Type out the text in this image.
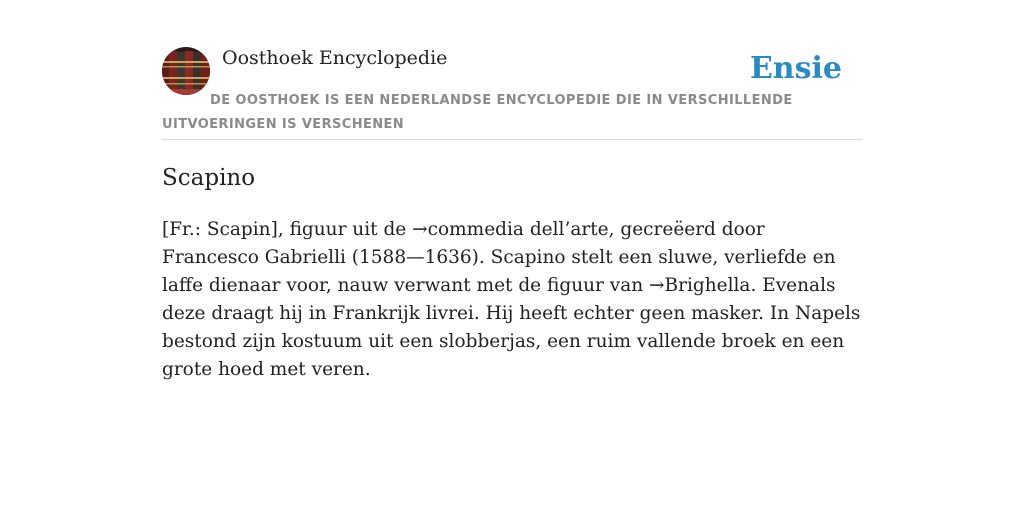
Oosthoek Encyclopedie	Ensie
DE OOSTHOEK IS EEN NEDERLANDSE ENCYCLOPEDIE DIE IN VERSCHILLENDE UITVOERINGEN IS VERSCHENEN
Scapino

[Fr.: Scapin], figuur uit de →commedia dell’arte, gecreëerd door Francesco Gabrielli (1588—1636). Scapino stelt een sluwe, verliefde en laffe dienaar voor, nauw verwant met de figuur van →Brighella. Evenals deze draagt hij in Frankrijk livrei. Hij heeft echter geen masker. In Napels bestond zijn kostuum uit een slobberjas, een ruim vallende broek en een grote hoed met veren.
